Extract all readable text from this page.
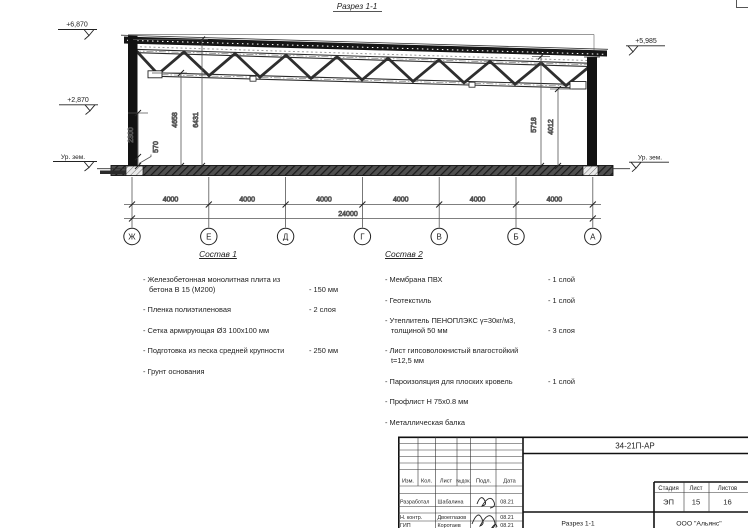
Разрез 1-1
+6,870
+2,870
Ур. зем.
+5,985
Ур. зем.
2300
570
4658 6431	5718 4012
4000	4000	4000	4000	4000	4000
24000
Ж	Е	Д	Г	В	Б	А
34-21П-АР
Изм. Кол. Лист №док. Подл. Дата
Разработал Шабалина	08.21
Н. контр.	Двоеглазов	08.21
ГИП	Коротаев	08.21
Стадия Лист	Листов
ЭП 15	16
Разрез 1-1	ООО "Альянс"
Состав 1
- Железобетонная монолитная плита из бетона В 15 (М200)	- 150 мм
- Пленка полиэтиленовая	- 2 слоя
- Сетка армирующая Ø3 100х100 мм
- Подготовка из песка средней крупности	- 250 мм
- Грунт основания
Состав 2
- Мембрана ПВХ	- 1 слой
- Геотекстиль	- 1 слой
- Утеплитель ПЕНОПЛЭКС γ=30кг/м3, толщиной 50 мм	- 3 слоя
- Лист гипсоволокнистый влагостойкий t=12,5 мм
- Пароизоляция для плоских кровель	- 1 слой
- Профлист Н 75х0.8 мм
- Металлическая балка
